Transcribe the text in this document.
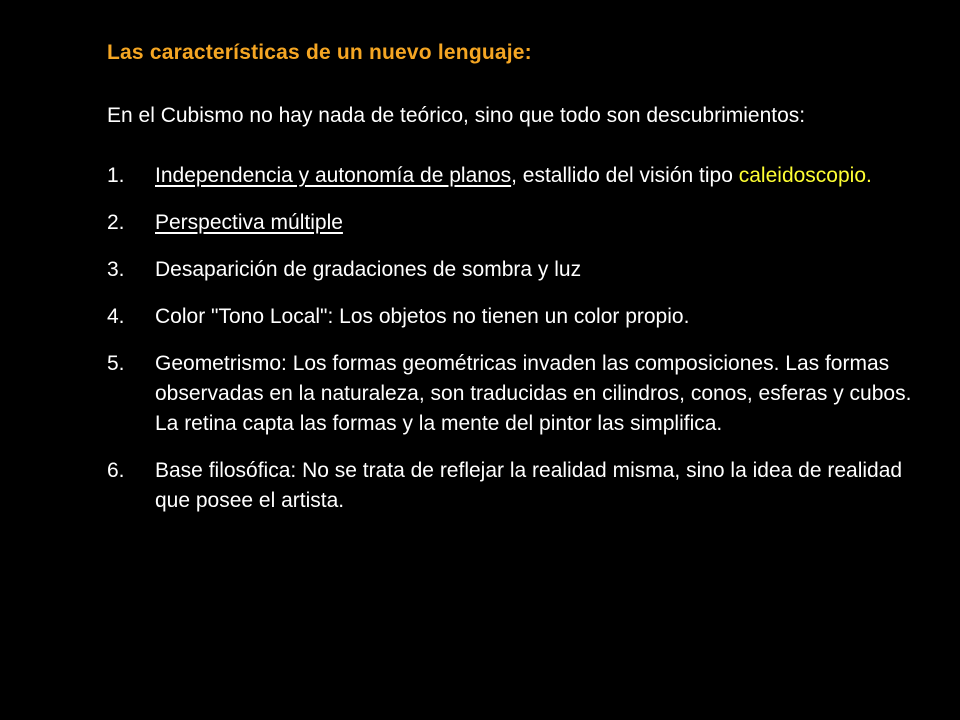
Las características de un nuevo lenguaje:

En el Cubismo no hay nada de teórico, sino que todo son descubrimientos:

1.	Independencia y autonomía de planos, estallido del visión tipo caleidoscopio.
2.	Perspectiva múltiple
3.	Desaparición de gradaciones de sombra y luz
4.	Color "Tono Local": Los objetos no tienen un color propio.
5.	Geometrismo: Los formas geométricas invaden las composiciones. Las formas observadas en la naturaleza, son traducidas en cilindros, conos, esferas y cubos. La retina capta las formas y la mente del pintor las simplifica.
6.	Base filosófica: No se trata de reflejar la realidad misma, sino la idea de realidad que posee el artista.
